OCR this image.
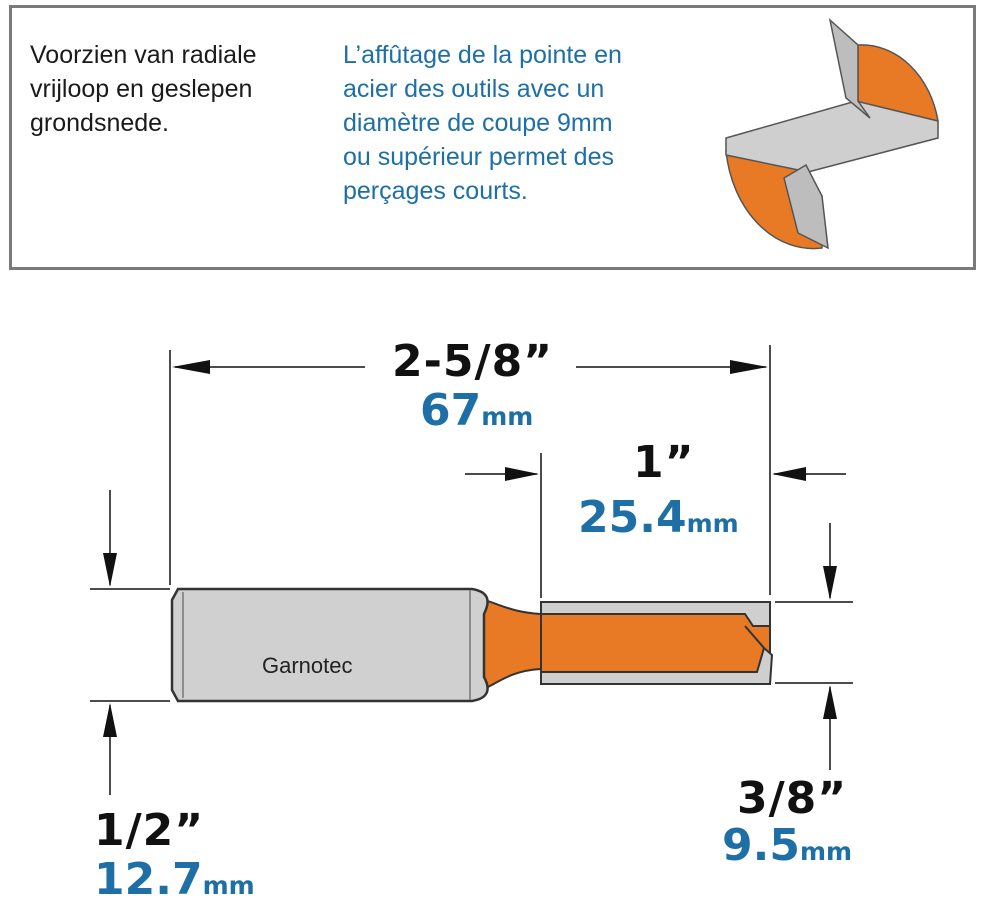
Voorzien van radiale
vrijloop en geslepen
grondsnede.
L’affûtage de la pointe en
acier des outils avec un
diamètre de coupe 9mm
ou supérieur permet des
perçages courts.
Garnotec
2-5/8”
67mm
1”
25.4mm
1/2”
12.7mm
3/8”
9.5mm
